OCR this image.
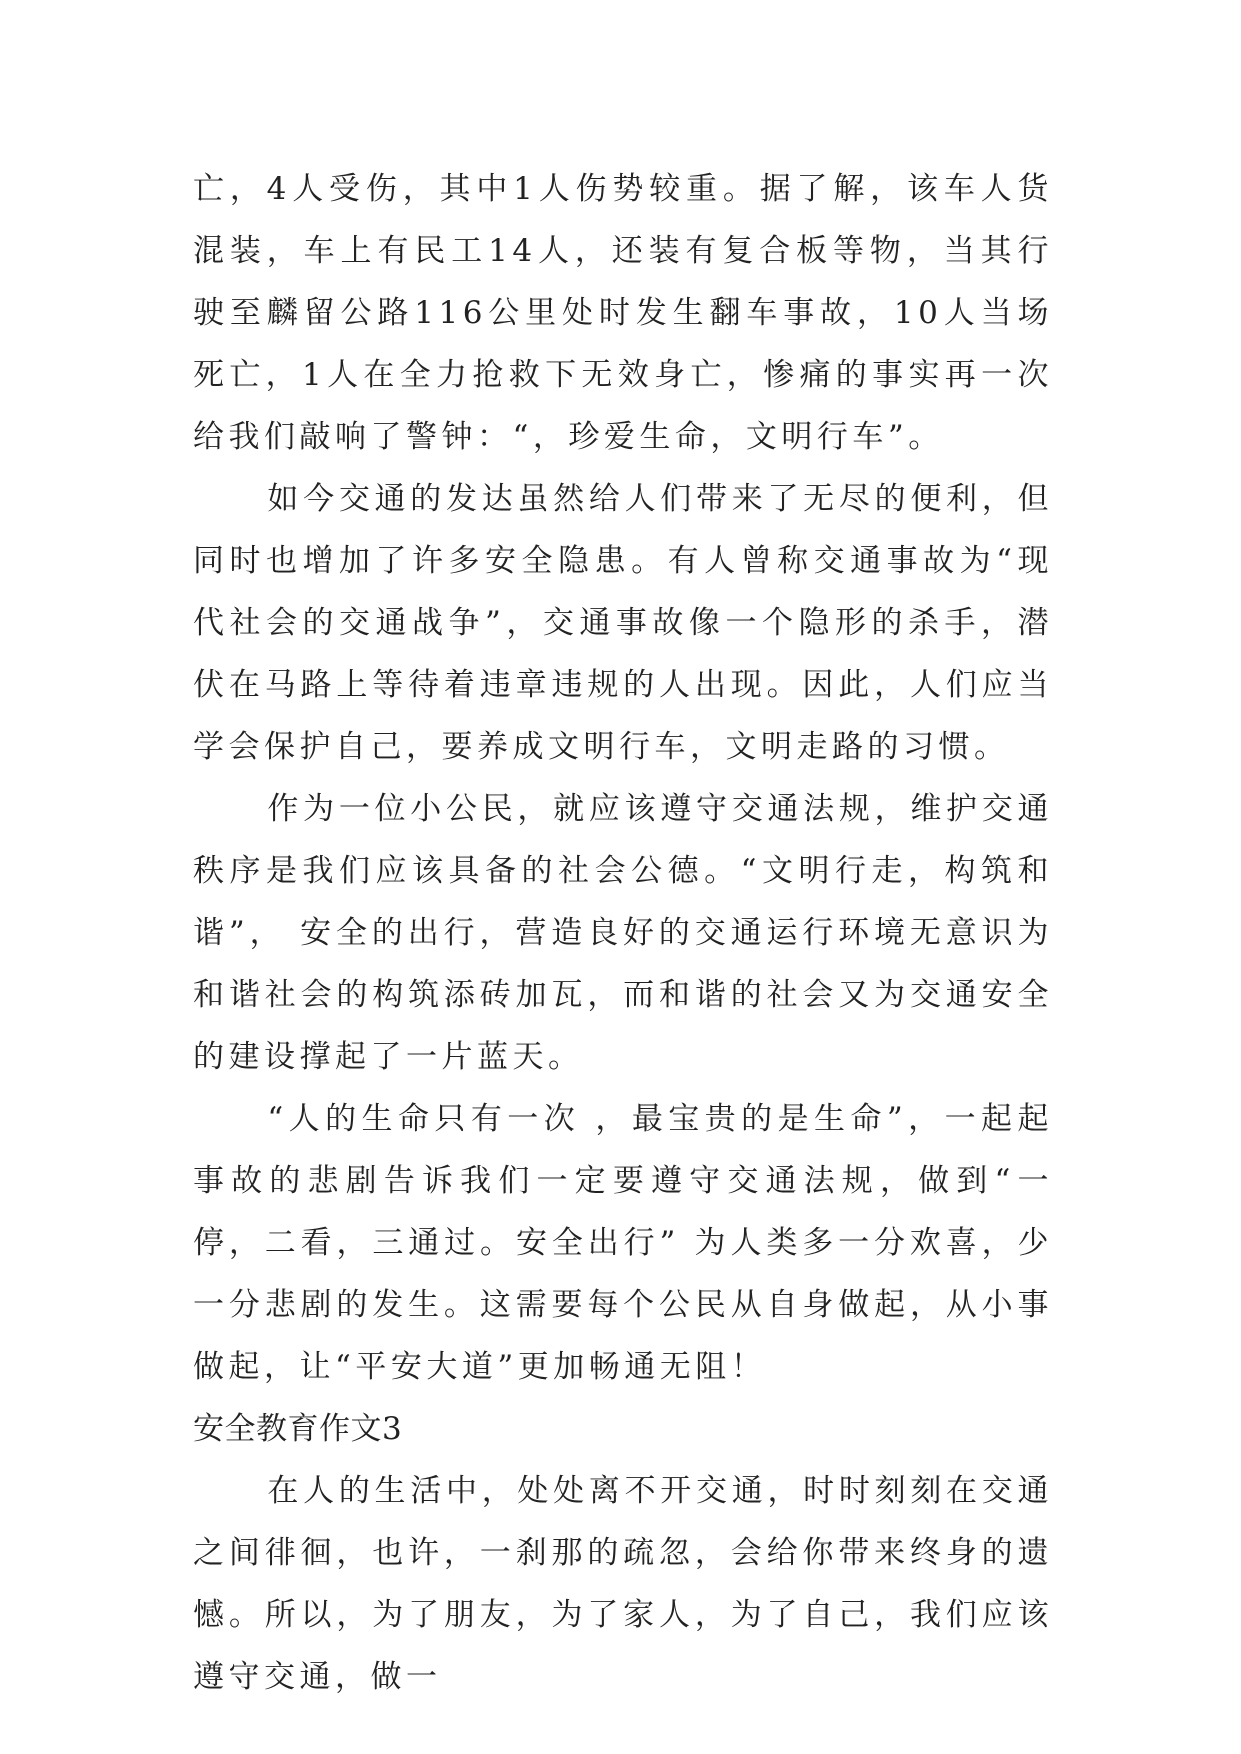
亡，4人受伤，其中1人伤势较重。据了解，该车人货混装，车上有民工14人，还装有复合板等物，当其行驶至麟留公路116公里处时发生翻车事故，10人当场死亡，1人在全力抢救下无效身亡，惨痛的事实再一次给我们敲响了警钟：“，珍爱生命，文明行车”。

如今交通的发达虽然给人们带来了无尽的便利，但同时也增加了许多安全隐患。有人曾称交通事故为“现代社会的交通战争”，交通事故像一个隐形的杀手，潜伏在马路上等待着违章违规的人出现。因此，人们应当学会保护自己，要养成文明行车，文明走路的习惯。

作为一位小公民，就应该遵守交通法规，维护交通秩序是我们应该具备的社会公德。“文明行走，构筑和谐”， 安全的出行，营造良好的交通运行环境无意识为和谐社会的构筑添砖加瓦，而和谐的社会又为交通安全的建设撑起了一片蓝天。

“人的生命只有一次 ，最宝贵的是生命”，一起起事故的悲剧告诉我们一定要遵守交通法规，做到“一停，二看，三通过。安全出行” 为人类多一分欢喜，少一分悲剧的发生。这需要每个公民从自身做起，从小事做起，让“平安大道”更加畅通无阻！

安全教育作文3

在人的生活中，处处离不开交通，时时刻刻在交通之间徘徊，也许，一刹那的疏忽，会给你带来终身的遗憾。所以，为了朋友，为了家人，为了自己，我们应该遵守交通，做一
